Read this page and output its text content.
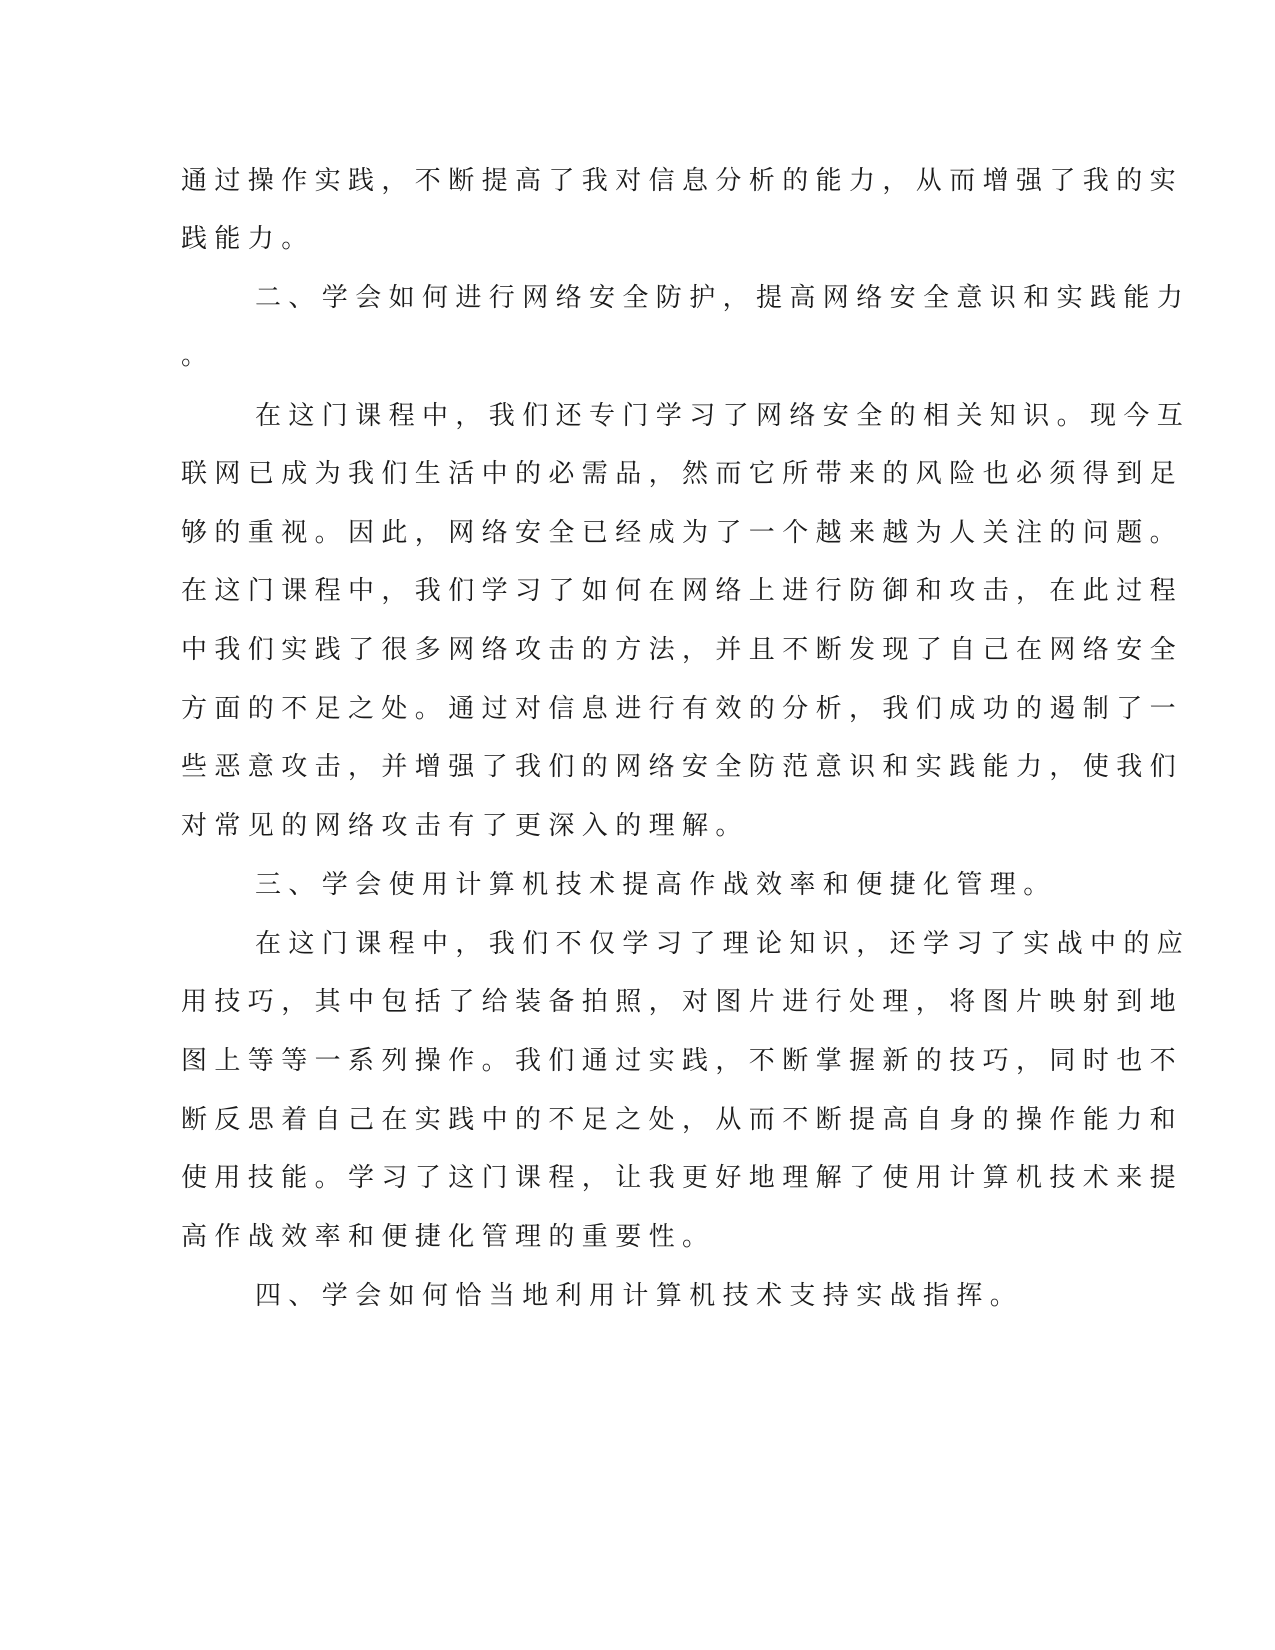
通过操作实践，不断提高了我对信息分析的能力，从而增强了我的实
践能力。
二、学会如何进行网络安全防护，提高网络安全意识和实践能力
。
在这门课程中，我们还专门学习了网络安全的相关知识。现今互
联网已成为我们生活中的必需品，然而它所带来的风险也必须得到足
够的重视。因此，网络安全已经成为了一个越来越为人关注的问题。
在这门课程中，我们学习了如何在网络上进行防御和攻击，在此过程
中我们实践了很多网络攻击的方法，并且不断发现了自己在网络安全
方面的不足之处。通过对信息进行有效的分析，我们成功的遏制了一
些恶意攻击，并增强了我们的网络安全防范意识和实践能力，使我们
对常见的网络攻击有了更深入的理解。
三、学会使用计算机技术提高作战效率和便捷化管理。
在这门课程中，我们不仅学习了理论知识，还学习了实战中的应
用技巧，其中包括了给装备拍照，对图片进行处理，将图片映射到地
图上等等一系列操作。我们通过实践，不断掌握新的技巧，同时也不
断反思着自己在实践中的不足之处，从而不断提高自身的操作能力和
使用技能。学习了这门课程，让我更好地理解了使用计算机技术来提
高作战效率和便捷化管理的重要性。
四、学会如何恰当地利用计算机技术支持实战指挥。
